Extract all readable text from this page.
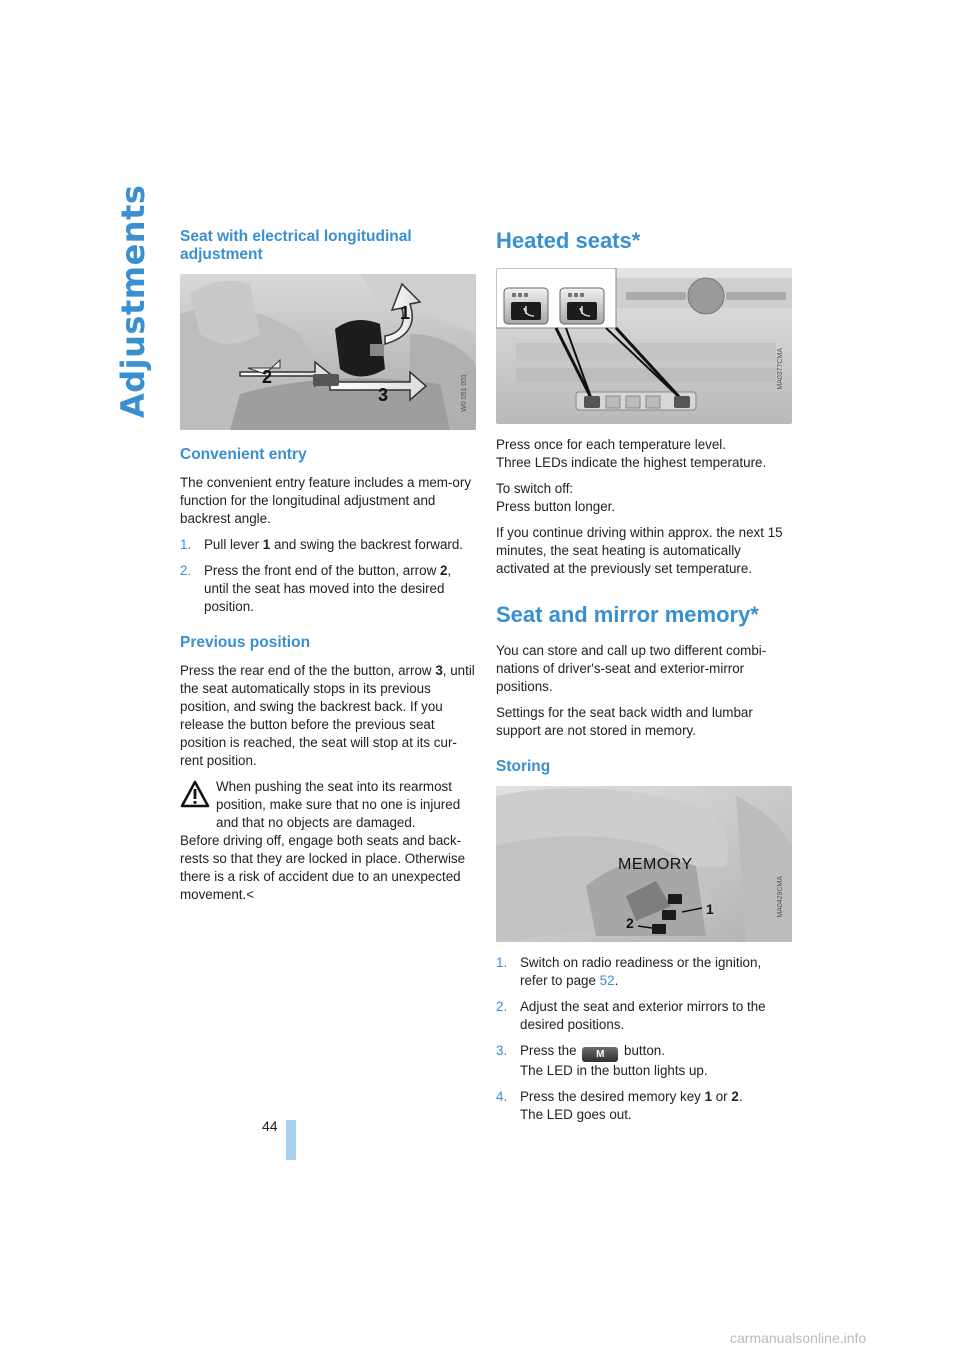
Adjustments
44
Seat with electrical longitudinal adjustment
1
2
3	W0 051 001
Convenient entry

The convenient entry feature includes a mem-ory function for the longitudinal adjustment and backrest angle.

1. Pull lever 1 and swing the backrest forward.
2. Press the front end of the button, arrow 2, until the seat has moved into the desired position.
Previous position

Press the rear end of the the button, arrow 3, until the seat automatically stops in its previous position, and swing the backrest back. If you release the button before the previous seat position is reached, the seat will stop at its cur-rent position.

When pushing the seat into its rearmost position, make sure that no one is injured and that no objects are damaged.

Before driving off, engage both seats and back-rests so that they are locked in place. Otherwise there is a risk of accident due to an unexpected movement.<

Heated seats*
MA0377CMA

Press once for each temperature level.

Three LEDs indicate the highest temperature.

To switch off:

Press button longer.

If you continue driving within approx. the next 15 minutes, the seat heating is automatically activated at the previously set temperature.

Seat and mirror memory*

You can store and call up two different combi-nations of driver's-seat and exterior-mirror positions.

Settings for the seat back width and lumbar support are not stored in memory.

Storing
MEMORY
1
2
MA0429CMA
1. Switch on radio readiness or the ignition, refer to page 52.
2. Adjust the seat and exterior mirrors to the desired positions.
3. Press the M button.
The LED in the button lights up.
4. Press the desired memory key 1 or 2.
The LED goes out.
carmanualsonline.info
